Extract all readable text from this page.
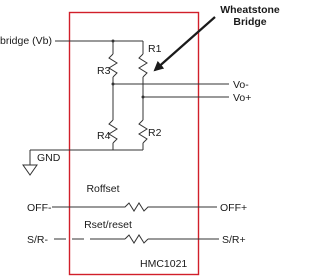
Wheatstone
Bridge
bridge (Vb)
R3
R4
R1
R2
Vo-
Vo+
GND
Roffset
OFF-	OFF+
Rset/reset
S/R-	S/R+
HMC1021
